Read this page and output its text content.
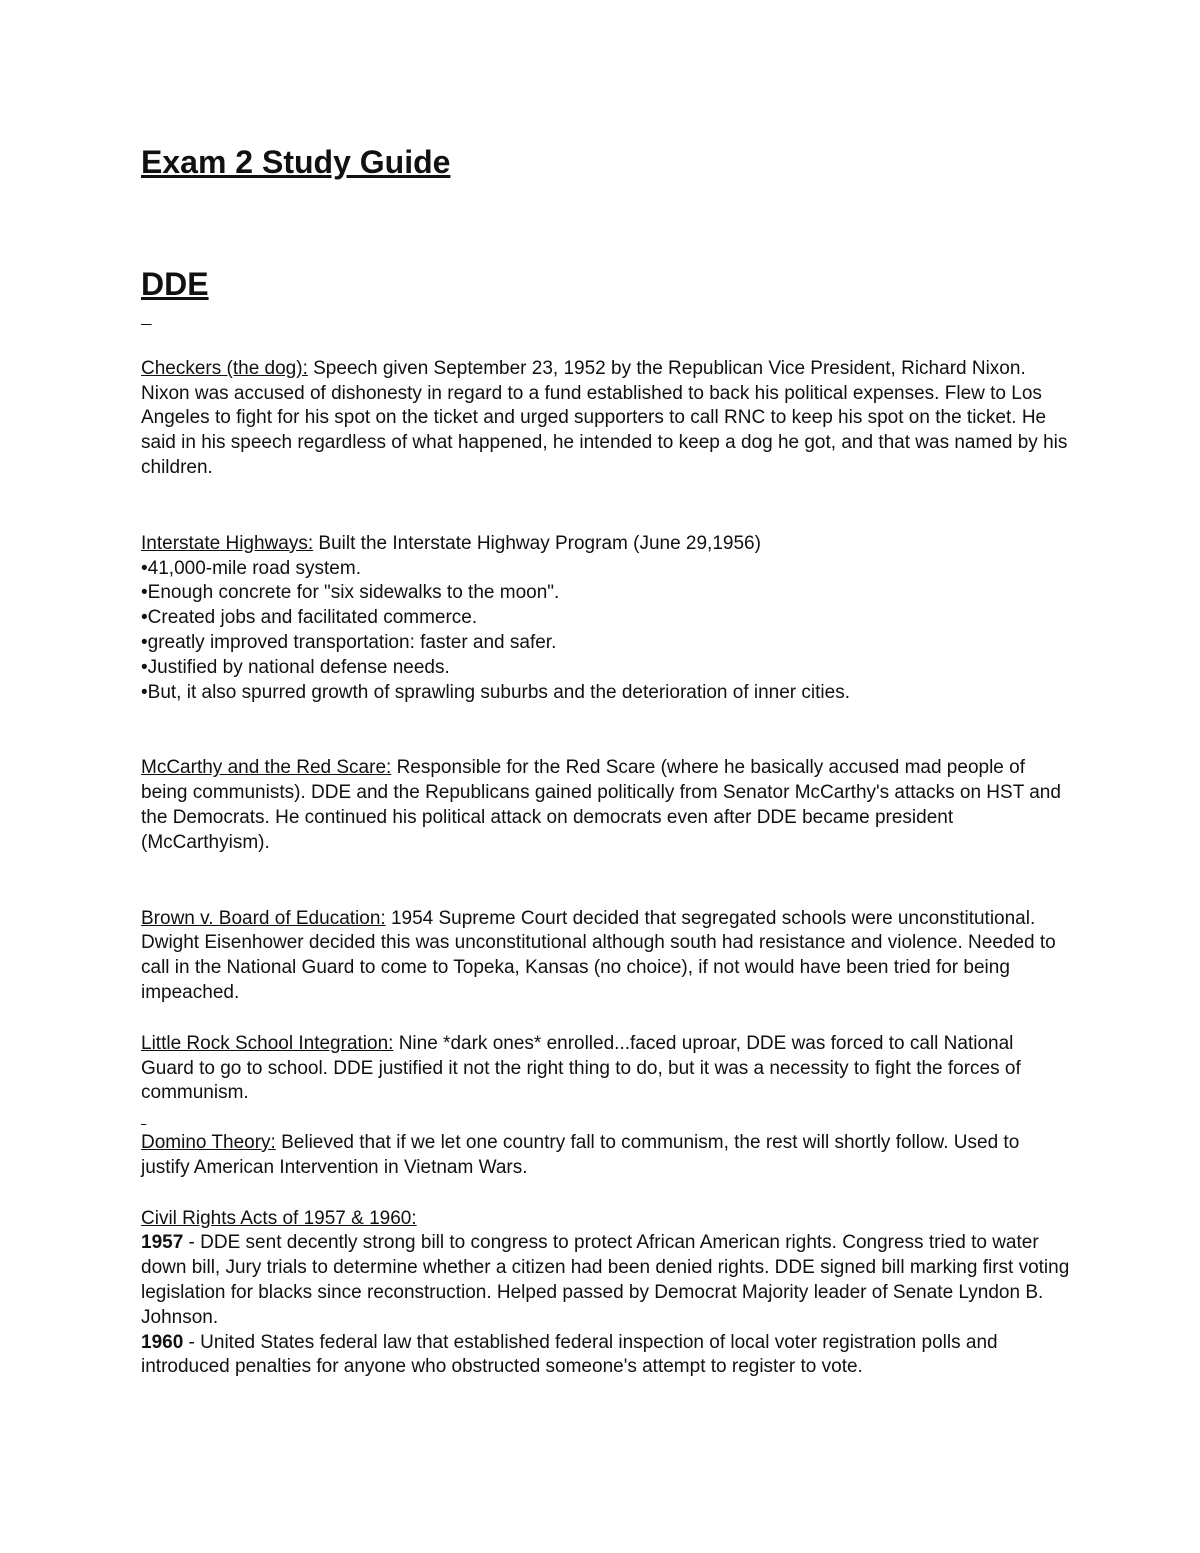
Exam 2 Study Guide
DDE

Checkers (the dog): Speech given September 23, 1952 by the Republican Vice President, Richard Nixon. Nixon was accused of dishonesty in regard to a fund established to back his political expenses. Flew to Los Angeles to fight for his spot on the ticket and urged supporters to call RNC to keep his spot on the ticket. He said in his speech regardless of what happened, he intended to keep a dog he got, and that was named by his children.

Interstate Highways: Built the Interstate Highway Program (June 29,1956)

• 41,000-mile road system.
• Enough concrete for "six sidewalks to the moon".
• Created jobs and facilitated commerce.
• greatly improved transportation: faster and safer.
• Justified by national defense needs.
• But, it also spurred growth of sprawling suburbs and the deterioration of inner cities.

McCarthy and the Red Scare: Responsible for the Red Scare (where he basically accused mad people of being communists). DDE and the Republicans gained politically from Senator McCarthy's attacks on HST and the Democrats. He continued his political attack on democrats even after DDE became president (McCarthyism).

Brown v. Board of Education: 1954 Supreme Court decided that segregated schools were unconstitutional. Dwight Eisenhower decided this was unconstitutional although south had resistance and violence. Needed to call in the National Guard to come to Topeka, Kansas (no choice), if not would have been tried for being impeached.

Little Rock School Integration: Nine *dark ones* enrolled...faced uproar, DDE was forced to call National Guard to go to school. DDE justified it not the right thing to do, but it was a necessity to fight the forces of communism.

Domino Theory: Believed that if we let one country fall to communism, the rest will shortly follow. Used to justify American Intervention in Vietnam Wars.

Civil Rights Acts of 1957 & 1960:

1957 - DDE sent decently strong bill to congress to protect African American rights. Congress tried to water down bill, Jury trials to determine whether a citizen had been denied rights. DDE signed bill marking first voting legislation for blacks since reconstruction. Helped passed by Democrat Majority leader of Senate Lyndon B. Johnson.

1960 - United States federal law that established federal inspection of local voter registration polls and introduced penalties for anyone who obstructed someone's attempt to register to vote.
